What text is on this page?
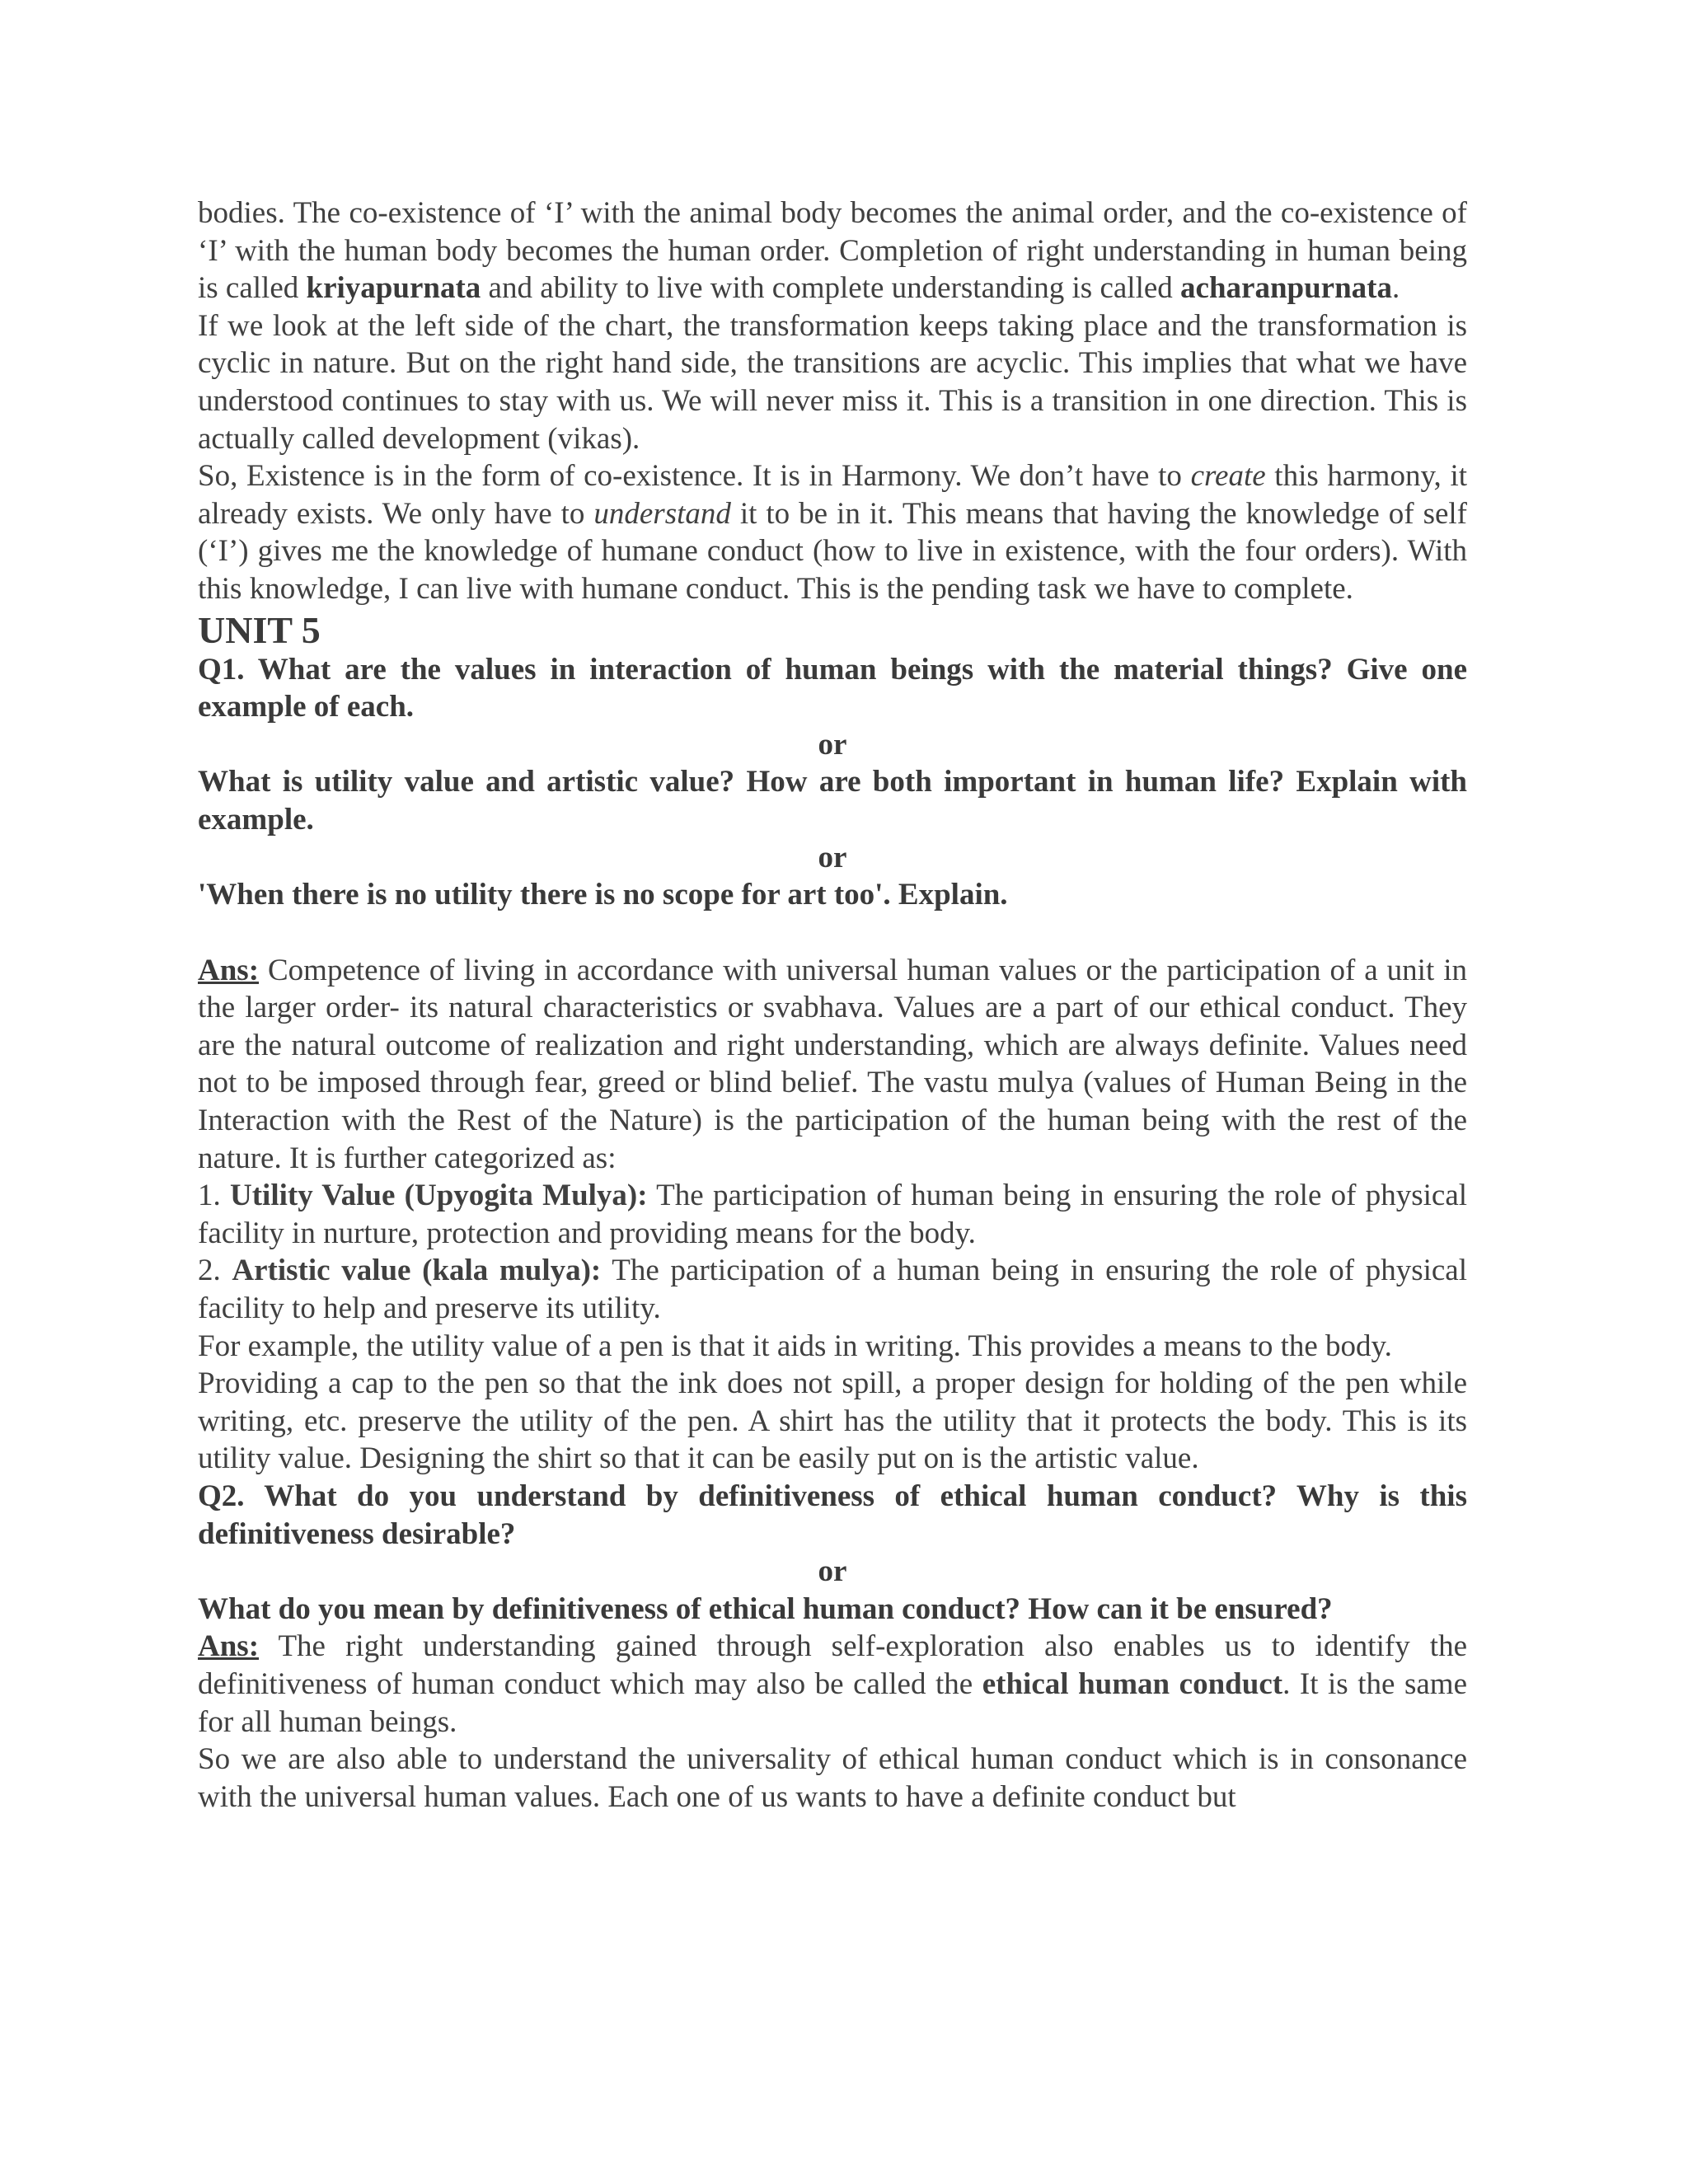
bodies. The co-existence of ‘I’ with the animal body becomes the animal order, and the co-existence of ‘I’ with the human body becomes the human order. Completion of right understanding in human being is called kriyapurnata and ability to live with complete understanding is called acharanpurnata.

If we look at the left side of the chart, the transformation keeps taking place and the transformation is cyclic in nature. But on the right hand side, the transitions are acyclic. This implies that what we have understood continues to stay with us. We will never miss it. This is a transition in one direction. This is actually called development (vikas).

So, Existence is in the form of co-existence. It is in Harmony. We don’t have to create this harmony, it already exists. We only have to understand it to be in it. This means that having the knowledge of self (‘I’) gives me the knowledge of humane conduct (how to live in existence, with the four orders). With this knowledge, I can live with humane conduct. This is the pending task we have to complete.

UNIT 5

Q1. What are the values in interaction of human beings with the material things? Give one example of each.

or

What is utility value and artistic value? How are both important in human life? Explain with example.

or

'When there is no utility there is no scope for art too'. Explain.

Ans: Competence of living in accordance with universal human values or the participation of a unit in the larger order- its natural characteristics or svabhava. Values are a part of our ethical conduct. They are the natural outcome of realization and right understanding, which are always definite. Values need not to be imposed through fear, greed or blind belief. The vastu mulya (values of Human Being in the Interaction with the Rest of the Nature) is the participation of the human being with the rest of the nature. It is further categorized as:

1. Utility Value (Upyogita Mulya): The participation of human being in ensuring the role of physical facility in nurture, protection and providing means for the body.

2. Artistic value (kala mulya): The participation of a human being in ensuring the role of physical facility to help and preserve its utility.

For example, the utility value of a pen is that it aids in writing. This provides a means to the body.

Providing a cap to the pen so that the ink does not spill, a proper design for holding of the pen while writing, etc. preserve the utility of the pen. A shirt has the utility that it protects the body. This is its utility value. Designing the shirt so that it can be easily put on is the artistic value.

Q2. What do you understand by definitiveness of ethical human conduct? Why is this definitiveness desirable?

or

What do you mean by definitiveness of ethical human conduct? How can it be ensured?

Ans: The right understanding gained through self-exploration also enables us to identify the definitiveness of human conduct which may also be called the ethical human conduct. It is the same for all human beings.

So we are also able to understand the universality of ethical human conduct which is in consonance with the universal human values. Each one of us wants to have a definite conduct but
